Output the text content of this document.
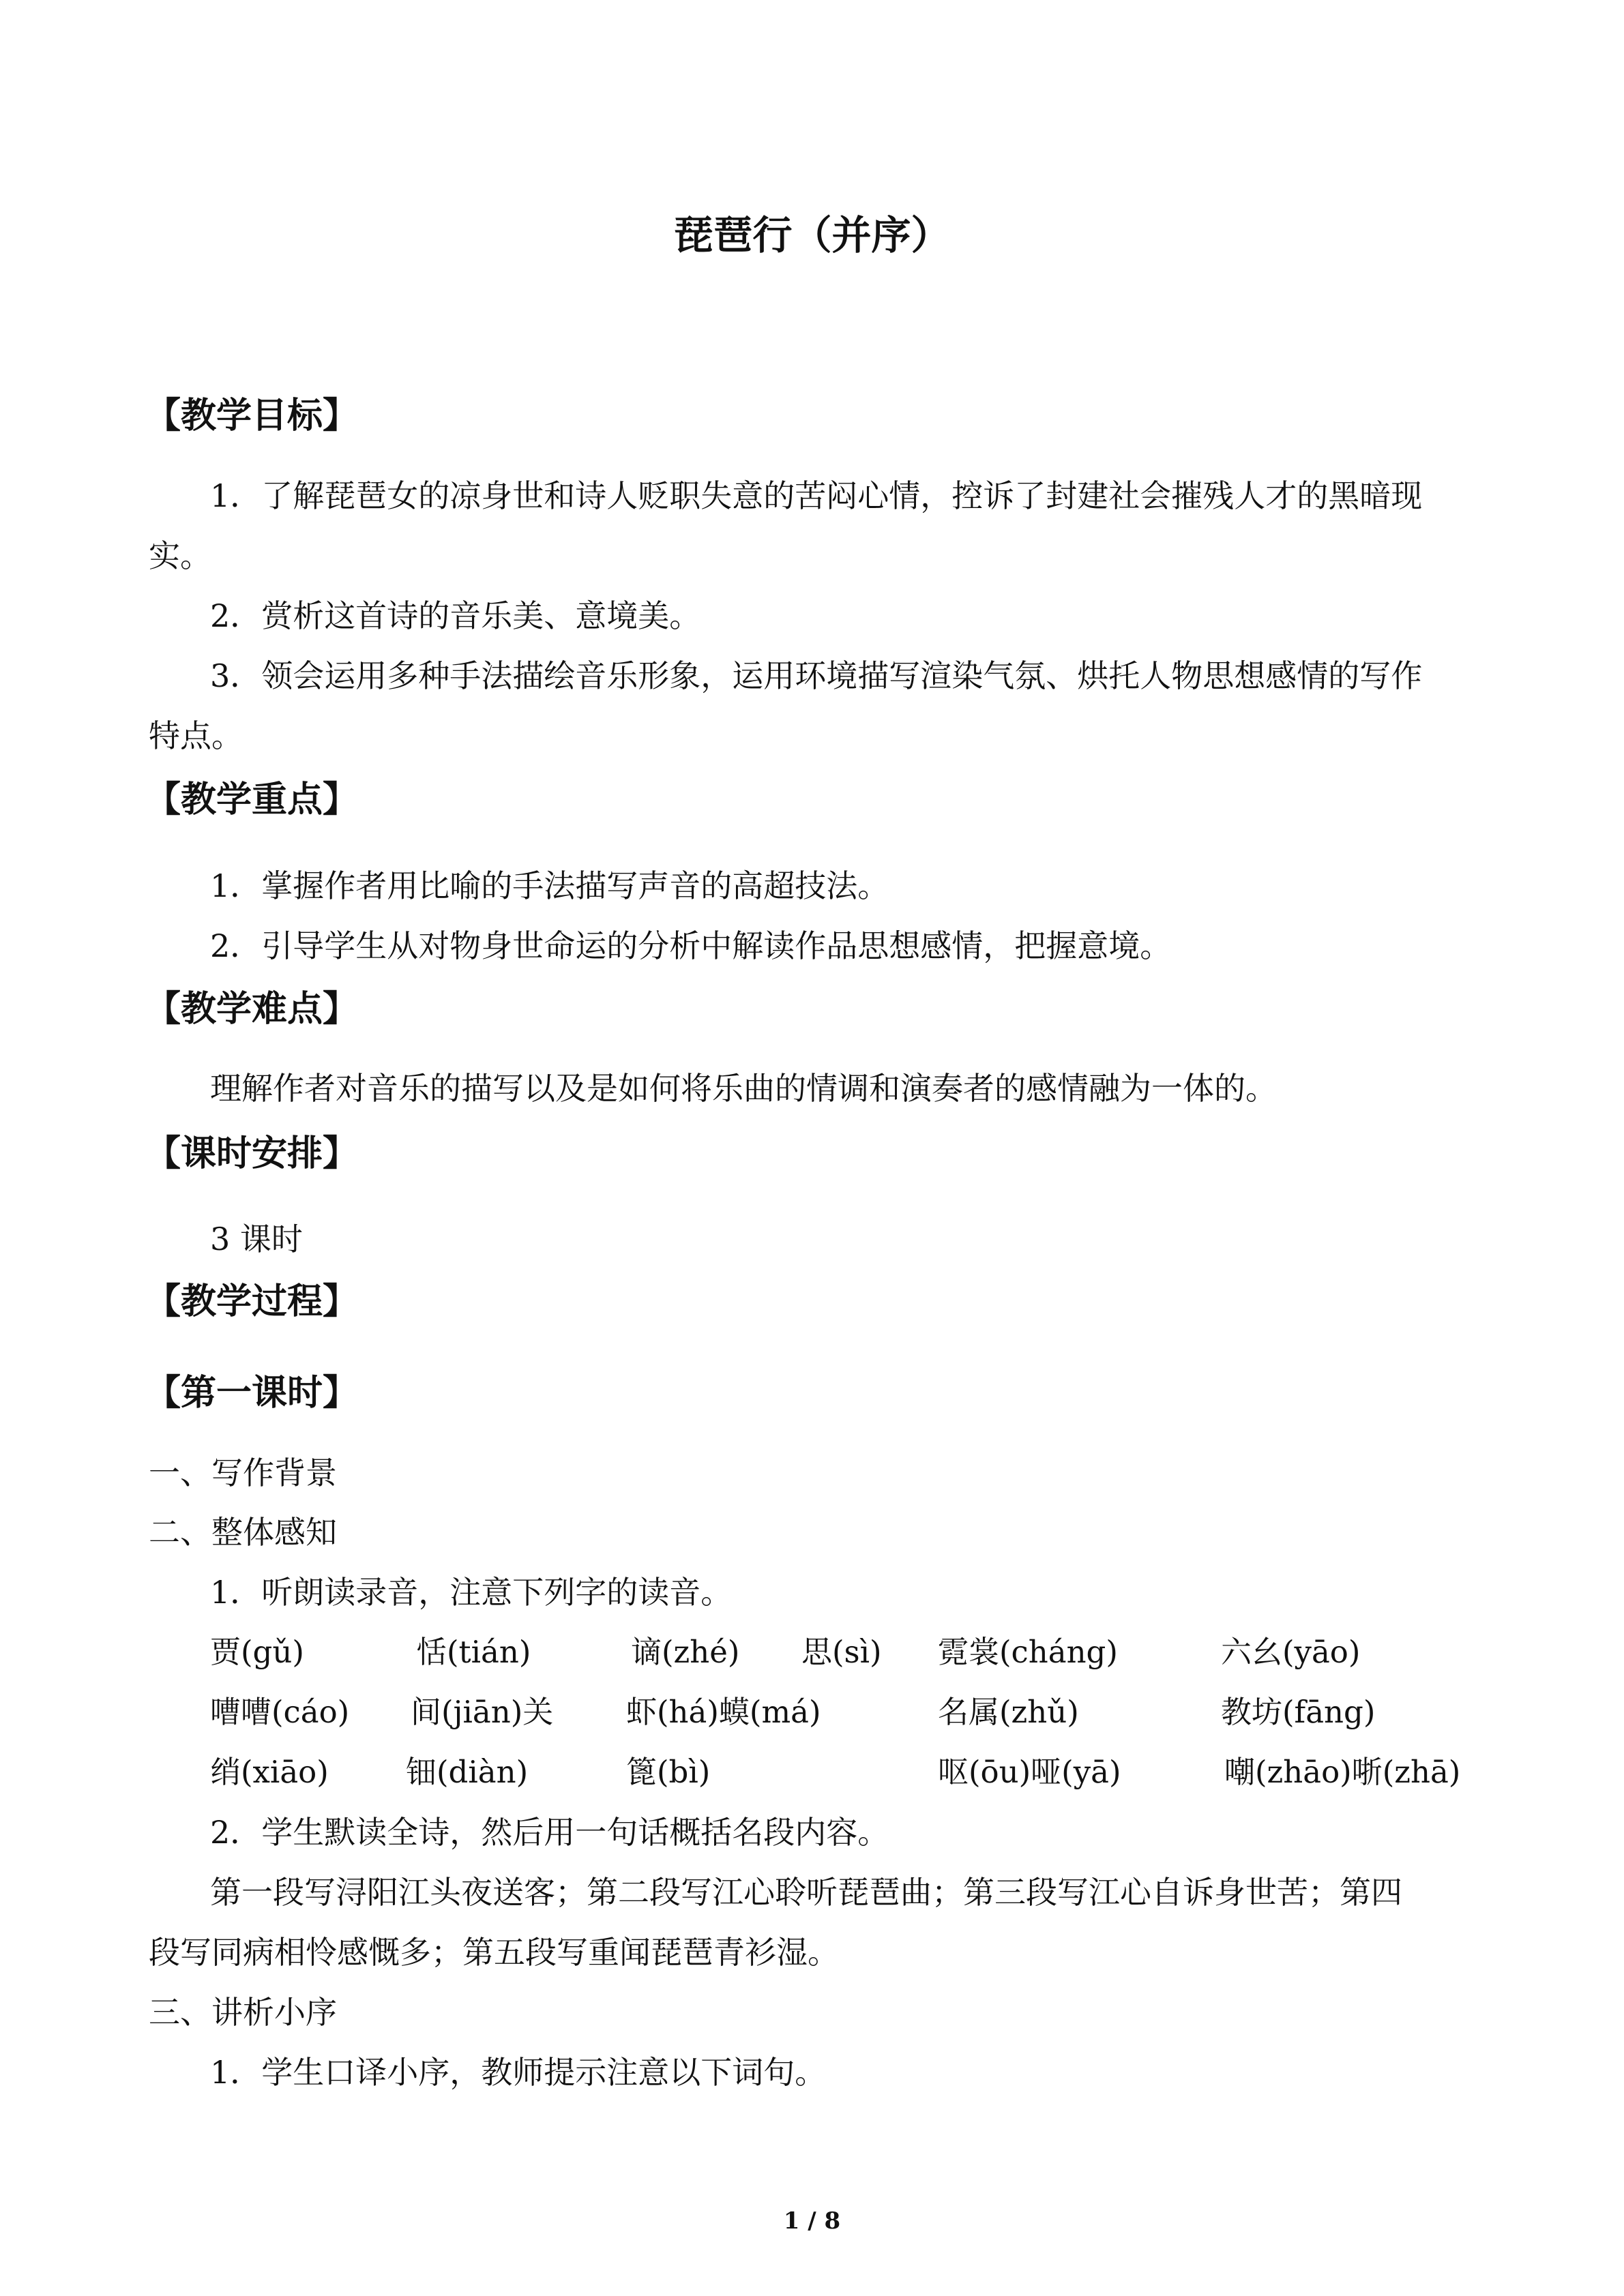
琵琶行（并序）
【教学目标】
1．了解琵琶女的凉身世和诗人贬职失意的苦闷心情，控诉了封建社会摧残人才的黑暗现
实。
2．赏析这首诗的音乐美、意境美。
3．领会运用多种手法描绘音乐形象，运用环境描写渲染气氛、烘托人物思想感情的写作
特点。
【教学重点】
1．掌握作者用比喻的手法描写声音的高超技法。
2．引导学生从对物身世命运的分析中解读作品思想感情，把握意境。
【教学难点】
理解作者对音乐的描写以及是如何将乐曲的情调和演奏者的感情融为一体的。
【课时安排】
3 课时
【教学过程】
【第一课时】
一、写作背景
二、整体感知
1．听朗读录音，注意下列字的读音。
贾(gǔ)	恬(tián)	谪(zhé) 思(sì) 霓裳(cháng)	六幺(yāo)
嘈嘈(cáo) 间(jiān)关 虾(há)蟆(má)	名属(zhǔ)	教坊(fāng)
绡(xiāo)	钿(diàn)	篦(bì)	呕(ōu)哑(yā)	嘲(zhāo)哳(zhā)
2．学生默读全诗，然后用一句话概括名段内容。
第一段写浔阳江头夜送客；第二段写江心聆听琵琶曲；第三段写江心自诉身世苦；第四
段写同病相怜感慨多；第五段写重闻琵琶青衫湿。
三、讲析小序
1．学生口译小序，教师提示注意以下词句。
1 / 8
